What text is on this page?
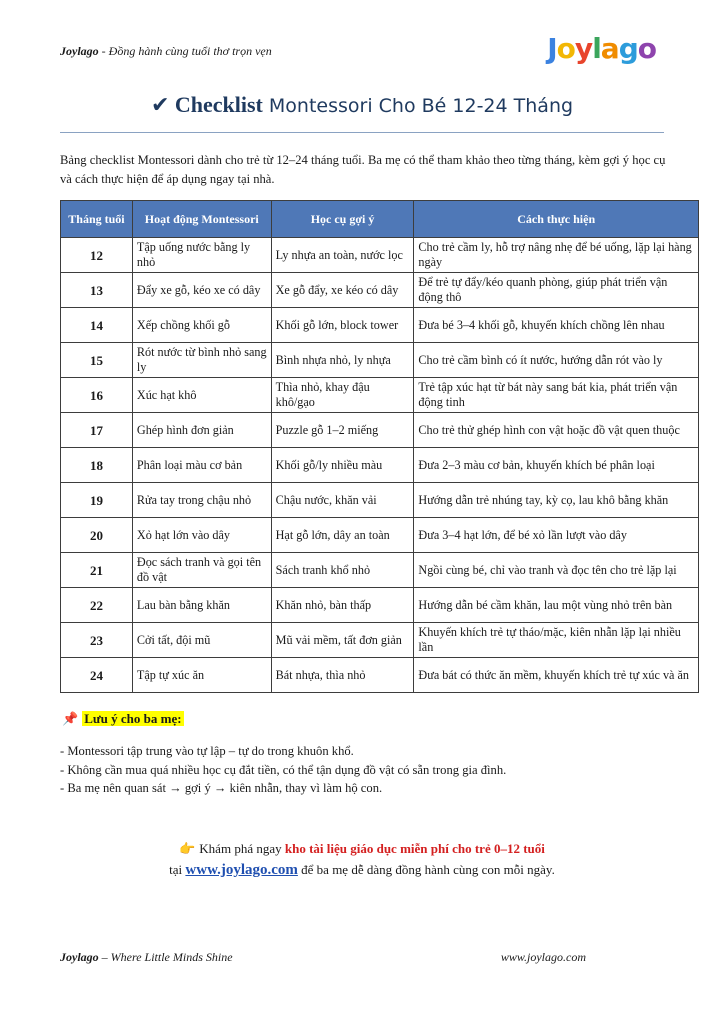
Joylago - Đồng hành cùng tuổi thơ trọn vẹn	Joylago
✔ Checklist Montessori Cho Bé 12-24 Tháng
Bảng checklist Montessori dành cho trẻ từ 12–24 tháng tuổi. Ba mẹ có thể tham khảo theo từng tháng, kèm gợi ý học cụ và cách thực hiện để áp dụng ngay tại nhà.
Tháng tuổi	Hoạt động Montessori	Học cụ gợi ý	Cách thực hiện
12	Tập uống nước bằng ly nhỏ	Ly nhựa an toàn, nước lọc	Cho trẻ cầm ly, hỗ trợ nâng nhẹ để bé uống, lặp lại hàng ngày
13	Đẩy xe gỗ, kéo xe có dây	Xe gỗ đẩy, xe kéo có dây	Để trẻ tự đẩy/kéo quanh phòng, giúp phát triển vận động thô
14	Xếp chồng khối gỗ	Khối gỗ lớn, block tower	Đưa bé 3–4 khối gỗ, khuyến khích chồng lên nhau
15	Rót nước từ bình nhỏ sang ly	Bình nhựa nhỏ, ly nhựa	Cho trẻ cầm bình có ít nước, hướng dẫn rót vào ly
16	Xúc hạt khô	Thìa nhỏ, khay đậu khô/gạo	Trẻ tập xúc hạt từ bát này sang bát kia, phát triển vận động tinh
17	Ghép hình đơn giản	Puzzle gỗ 1–2 miếng	Cho trẻ thử ghép hình con vật hoặc đồ vật quen thuộc
18	Phân loại màu cơ bản	Khối gỗ/ly nhiều màu	Đưa 2–3 màu cơ bản, khuyến khích bé phân loại
19	Rửa tay trong chậu nhỏ	Chậu nước, khăn vải	Hướng dẫn trẻ nhúng tay, kỳ cọ, lau khô bằng khăn
20	Xỏ hạt lớn vào dây	Hạt gỗ lớn, dây an toàn	Đưa 3–4 hạt lớn, để bé xỏ lần lượt vào dây
21	Đọc sách tranh và gọi tên đồ vật	Sách tranh khổ nhỏ	Ngồi cùng bé, chỉ vào tranh và đọc tên cho trẻ lặp lại
22	Lau bàn bằng khăn	Khăn nhỏ, bàn thấp	Hướng dẫn bé cầm khăn, lau một vùng nhỏ trên bàn
23	Cởi tất, đội mũ	Mũ vải mềm, tất đơn giản	Khuyến khích trẻ tự tháo/mặc, kiên nhẫn lặp lại nhiều lần
24	Tập tự xúc ăn	Bát nhựa, thìa nhỏ	Đưa bát có thức ăn mềm, khuyến khích trẻ tự xúc và ăn
📌 Lưu ý cho ba mẹ:
- Montessori tập trung vào tự lập – tự do trong khuôn khổ.
- Không cần mua quá nhiều học cụ đắt tiền, có thể tận dụng đồ vật có sẵn trong gia đình.
- Ba mẹ nên quan sát → gợi ý → kiên nhẫn, thay vì làm hộ con.
👉 Khám phá ngay kho tài liệu giáo dục miễn phí cho trẻ 0–12 tuổi
tại www.joylago.com để ba mẹ dễ dàng đồng hành cùng con mỗi ngày.
Joylago – Where Little Minds Shine	www.joylago.com
